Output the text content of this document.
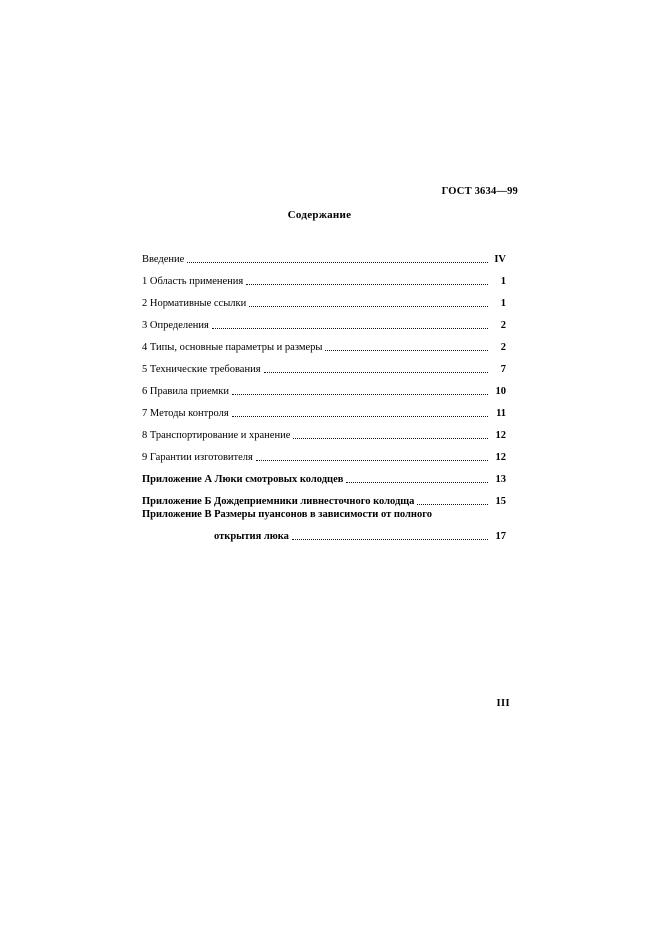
ГОСТ 3634—99
Содержание
Введение	IV
1 Область применения	1
2 Нормативные ссылки	1
3 Определения	2
4 Типы, основные параметры и размеры	2
5 Технические требования	7
6 Правила приемки	10
7 Методы контроля	11
8 Транспортирование и хранение	12
9 Гарантии изготовителя	12
Приложение А Люки смотровых колодцев	13
Приложение Б Дождеприемники ливнесточного колодща	15
Приложение В Размеры пуансонов в зависимости от полного
открытия люка	17
III
